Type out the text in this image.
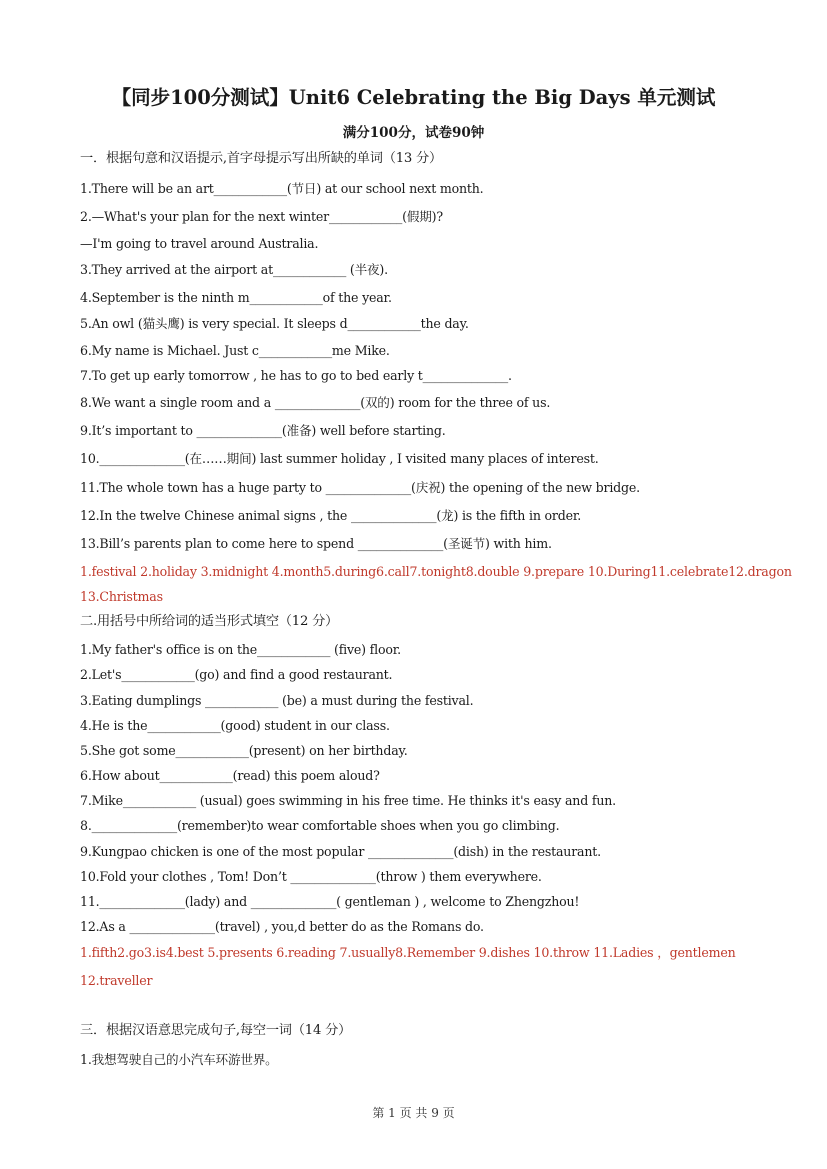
【同步100分测试】Unit6 Celebrating the Big Days 单元测试
满分100分，试卷90钟
一．根据句意和汉语提示,首字母提示写出所缺的单词（13 分）
1.There will be an art____________(节日) at our school next month.
2.—What's your plan for the next winter____________(假期)?
—I'm going to travel around Australia.
3.They arrived at the airport at____________ (半夜).
4.September is the ninth m____________of the year.
5.An owl (猫头鹰) is very special. It sleeps d____________the day.
6.My name is Michael. Just c____________me Mike.
7.To get up early tomorrow , he has to go to bed early t______________.
8.We want a single room and a ______________(双的) room for the three of us.
9.It’s important to ______________(准备) well before starting.
10.______________(在……期间) last summer holiday , I visited many places of interest.
11.The whole town has a huge party to ______________(庆祝) the opening of the new bridge.
12.In the twelve Chinese animal signs , the ______________(龙) is the fifth in order.
13.Bill’s parents plan to come here to spend ______________(圣诞节) with him.
1.festival 2.holiday 3.midnight 4.month5.during6.call7.tonight8.double 9.prepare 10.During11.celebrate12.dragon
13.Christmas
二.用括号中所给词的适当形式填空（12 分）
1.My father's office is on the____________ (five) floor.
2.Let's____________(go) and find a good restaurant.
3.Eating dumplings ____________ (be) a must during the festival.
4.He is the____________(good) student in our class.
5.She got some____________(present) on her birthday.
6.How about____________(read) this poem aloud?
7.Mike____________ (usual) goes swimming in his free time. He thinks it's easy and fun.
8.______________(remember)to wear comfortable shoes when you go climbing.
9.Kungpao chicken is one of the most popular ______________(dish) in the restaurant.
10.Fold your clothes , Tom! Don’t ______________(throw ) them everywhere.
11.______________(lady) and ______________( gentleman ) , welcome to Zhengzhou!
12.As a ______________(travel) , you,d better do as the Romans do.
1.fifth2.go3.is4.best 5.presents 6.reading 7.usually8.Remember 9.dishes 10.throw 11.Ladies ，gentlemen
12.traveller
三．根据汉语意思完成句子,每空一词（14 分）
1.我想驾驶自己的小汽车环游世界。
第 1 页 共 9 页
